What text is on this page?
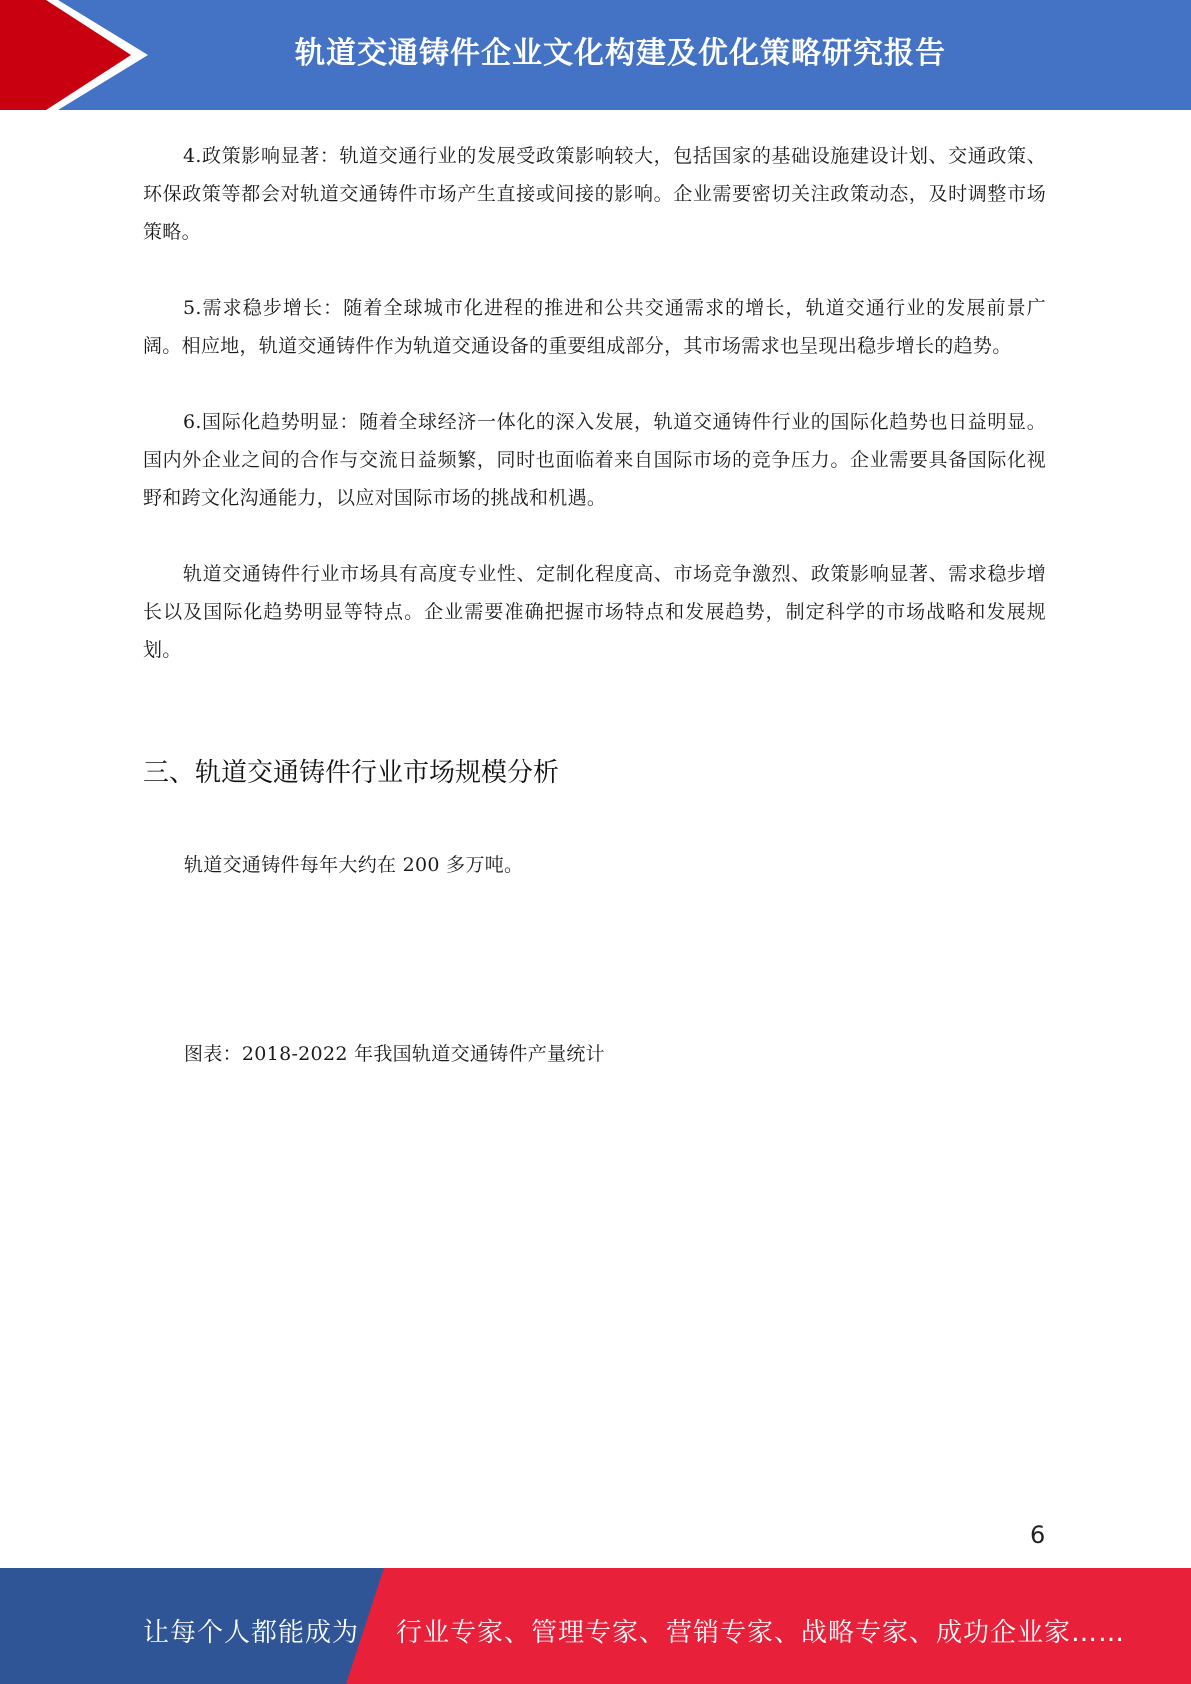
轨道交通铸件企业文化构建及优化策略研究报告

4.政策影响显著：轨道交通行业的发展受政策影响较大，包括国家的基础设施建设计划、交通政策、环保政策等都会对轨道交通铸件市场产生直接或间接的影响。企业需要密切关注政策动态，及时调整市场策略。

5.需求稳步增长：随着全球城市化进程的推进和公共交通需求的增长，轨道交通行业的发展前景广阔。相应地，轨道交通铸件作为轨道交通设备的重要组成部分，其市场需求也呈现出稳步增长的趋势。

6.国际化趋势明显：随着全球经济一体化的深入发展，轨道交通铸件行业的国际化趋势也日益明显。国内外企业之间的合作与交流日益频繁，同时也面临着来自国际市场的竞争压力。企业需要具备国际化视野和跨文化沟通能力，以应对国际市场的挑战和机遇。

轨道交通铸件行业市场具有高度专业性、定制化程度高、市场竞争激烈、政策影响显著、需求稳步增长以及国际化趋势明显等特点。企业需要准确把握市场特点和发展趋势，制定科学的市场战略和发展规划。

三、轨道交通铸件行业市场规模分析
轨道交通铸件每年大约在 200 多万吨。
图表：2018-2022 年我国轨道交通铸件产量统计
6
让每个人都能成为 行业专家、管理专家、营销专家、战略专家、成功企业家……
